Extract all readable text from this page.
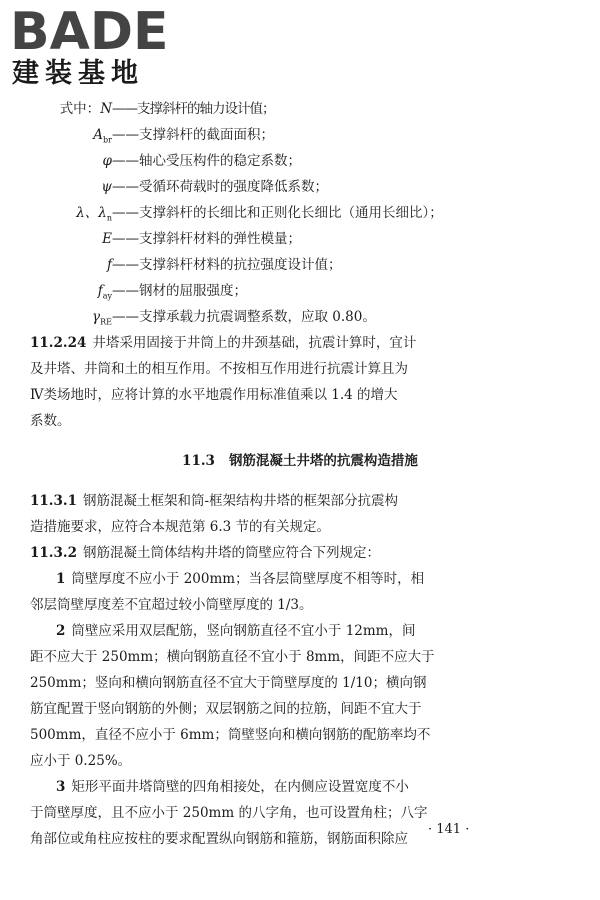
BADE
建装基地
式中：N——支撑斜杆的轴力设计值；
$A_{br}——$支撑斜杆的截面面积；
φ——轴心受压构件的稳定系数；
ψ——受循环荷载时的强度降低系数；
λ、$\lambda_n——$支撑斜杆的长细比和正则化长细比（通用长细比）；
E——支撑斜杆材料的弹性模量；
f——支撑斜杆材料的抗拉强度设计值；
$f_{ay}——$钢材的屈服强度；
$\gamma_{RE}——$支撑承载力抗震调整系数，应取 0.80。
11.2.24 井塔采用固接于井筒上的井颈基础，抗震计算时，宜计
及井塔、井筒和土的相互作用。不按相互作用进行抗震计算且为
Ⅳ类场地时，应将计算的水平地震作用标准值乘以 1.4 的增大
系数。
11.3 钢筋混凝土井塔的抗震构造措施
11.3.1 钢筋混凝土框架和筒-框架结构井塔的框架部分抗震构
造措施要求，应符合本规范第 6.3 节的有关规定。
11.3.2 钢筋混凝土筒体结构井塔的筒壁应符合下列规定：
1 筒壁厚度不应小于 200mm；当各层筒壁厚度不相等时，相
邻层筒壁厚度差不宜超过较小筒壁厚度的 1/3。
2 筒壁应采用双层配筋，竖向钢筋直径不宜小于 12mm，间
距不应大于 250mm；横向钢筋直径不宜小于 8mm，间距不应大于
250mm；竖向和横向钢筋直径不宜大于筒壁厚度的 1/10；横向钢
筋宜配置于竖向钢筋的外侧；双层钢筋之间的拉筋，间距不宜大于
500mm，直径不应小于 6mm；筒壁竖向和横向钢筋的配筋率均不
应小于 0.25%。
3 矩形平面井塔筒壁的四角相接处，在内侧应设置宽度不小
于筒壁厚度，且不应小于 250mm 的八字角，也可设置角柱；八字
角部位或角柱应按柱的要求配置纵向钢筋和箍筋，钢筋面积除应
· 141 ·
